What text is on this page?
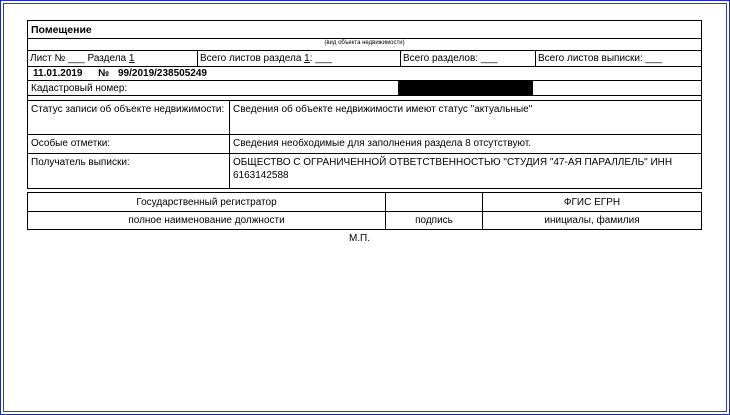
Помещение
(вид объекта недвижимости)
Лист № ___ Раздела 1	Всего листов раздела 1: ___	Всего разделов: ___	Всего листов выписки: ___
11.01.2019 № 99/2019/238505249
Кадастровый номер:
Статус записи об объекте недвижимости:	Сведения об объекте недвижимости имеют статус "актуальные"
Особые отметки:	Сведения необходимые для заполнения раздела 8 отсутствуют.
Получатель выписки:	ОБЩЕСТВО С ОГРАНИЧЕННОЙ ОТВЕТСТВЕННОСТЬЮ "СТУДИЯ "47-АЯ ПАРАЛЛЕЛЬ" ИНН 6163142588
Государственный регистратор		ФГИС ЕГРН
полное наименование должности	подпись	инициалы, фамилия
М.П.
